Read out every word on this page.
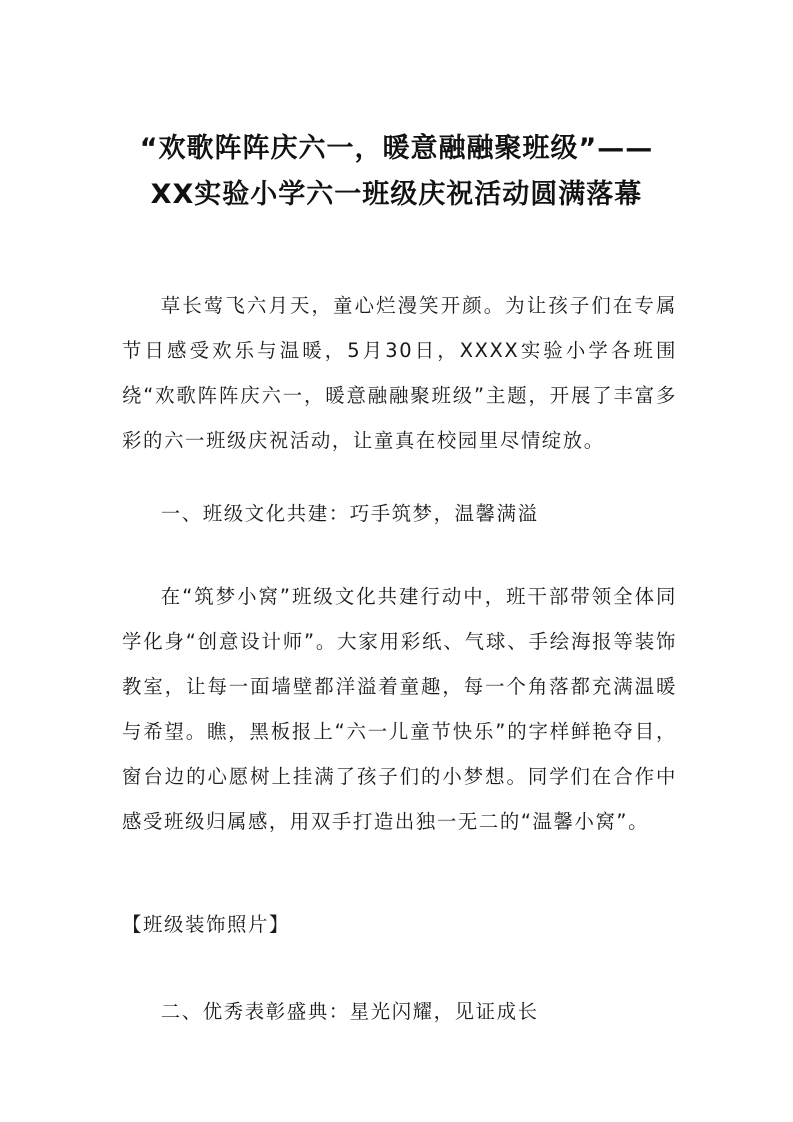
“欢歌阵阵庆六一，暖意融融聚班级”——
XX实验小学六一班级庆祝活动圆满落幕
草长莺飞六月天，童心烂漫笑开颜。为让孩子们在专属节日感受欢乐与温暖，5月30日，XXXX实验小学各班围绕“欢歌阵阵庆六一，暖意融融聚班级”主题，开展了丰富多彩的六一班级庆祝活动，让童真在校园里尽情绽放。
一、班级文化共建：巧手筑梦，温馨满溢
在“筑梦小窝”班级文化共建行动中，班干部带领全体同学化身“创意设计师”。大家用彩纸、气球、手绘海报等装饰教室，让每一面墙壁都洋溢着童趣，每一个角落都充满温暖与希望。瞧，黑板报上“六一儿童节快乐”的字样鲜艳夺目，窗台边的心愿树上挂满了孩子们的小梦想。同学们在合作中感受班级归属感，用双手打造出独一无二的“温馨小窝”。
【班级装饰照片】
二、优秀表彰盛典：星光闪耀，见证成长
